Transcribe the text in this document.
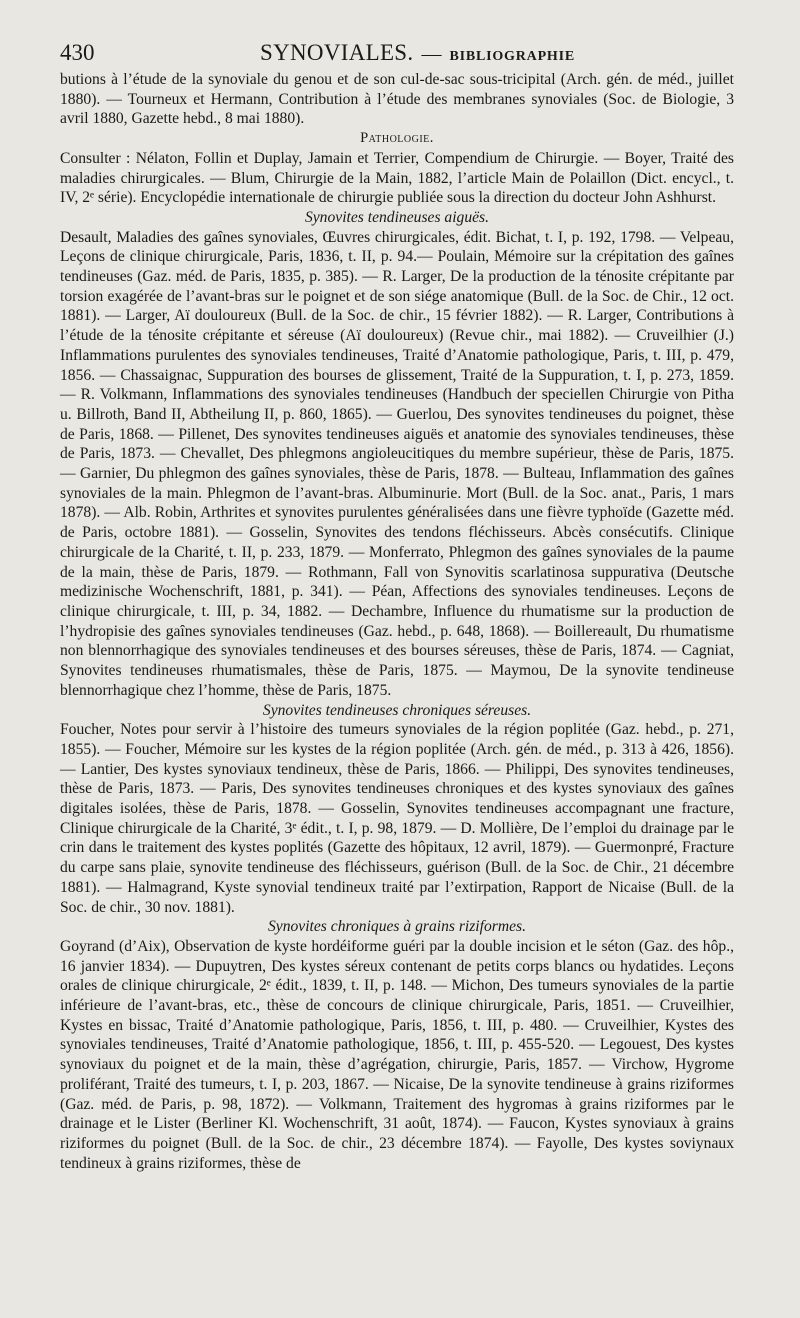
430	SYNOVIALES. — BIBLIOGRAPHIE

butions à l’étude de la synoviale du genou et de son cul-de-sac sous-tricipital (Arch. gén. de méd., juillet 1880). — Tourneux et Hermann, Contribution à l’étude des membranes synoviales (Soc. de Biologie, 3 avril 1880, Gazette hebd., 8 mai 1880).

Pathologie.

Consulter : Nélaton, Follin et Duplay, Jamain et Terrier, Compendium de Chirurgie. — Boyer, Traité des maladies chirurgicales. — Blum, Chirurgie de la Main, 1882, l’article Main de Polaillon (Dict. encycl., t. IV, 2ᵉ série). Encyclopédie internationale de chirurgie publiée sous la direction du docteur John Ashhurst.

Synovites tendineuses aiguës.

Desault, Maladies des gaînes synoviales, Œuvres chirurgicales, édit. Bichat, t. I, p. 192, 1798. — Velpeau, Leçons de clinique chirurgicale, Paris, 1836, t. II, p. 94.— Poulain, Mémoire sur la crépitation des gaînes tendineuses (Gaz. méd. de Paris, 1835, p. 385). — R. Larger, De la production de la ténosite crépitante par torsion exagérée de l’avant-bras sur le poignet et de son siége anatomique (Bull. de la Soc. de Chir., 12 oct. 1881). — Larger, Aï douloureux (Bull. de la Soc. de chir., 15 février 1882). — R. Larger, Contributions à l’étude de la ténosite crépitante et séreuse (Aï douloureux) (Revue chir., mai 1882). — Cruveilhier (J.) Inflammations purulentes des synoviales tendineuses, Traité d’Anatomie pathologique, Paris, t. III, p. 479, 1856. — Chassaignac, Suppuration des bourses de glissement, Traité de la Suppuration, t. I, p. 273, 1859. — R. Volkmann, Inflammations des synoviales tendineuses (Handbuch der speciellen Chirurgie von Pitha u. Billroth, Band II, Abtheilung II, p. 860, 1865). — Guerlou, Des synovites tendineuses du poignet, thèse de Paris, 1868. — Pillenet, Des synovites tendineuses aiguës et anatomie des synoviales tendineuses, thèse de Paris, 1873. — Chevallet, Des phlegmons angioleucitiques du membre supérieur, thèse de Paris, 1875. — Garnier, Du phlegmon des gaînes synoviales, thèse de Paris, 1878. — Bulteau, Inflammation des gaînes synoviales de la main. Phlegmon de l’avant-bras. Albuminurie. Mort (Bull. de la Soc. anat., Paris, 1 mars 1878). — Alb. Robin, Arthrites et synovites purulentes généralisées dans une fièvre typhoïde (Gazette méd. de Paris, octobre 1881). — Gosselin, Synovites des tendons fléchisseurs. Abcès consécutifs. Clinique chirurgicale de la Charité, t. II, p. 233, 1879. — Monferrato, Phlegmon des gaînes synoviales de la paume de la main, thèse de Paris, 1879. — Rothmann, Fall von Synovitis scarlatinosa suppurativa (Deutsche medizinische Wochenschrift, 1881, p. 341). — Péan, Affections des synoviales tendineuses. Leçons de clinique chirurgicale, t. III, p. 34, 1882. — Dechambre, Influence du rhumatisme sur la production de l’hydropisie des gaînes synoviales tendineuses (Gaz. hebd., p. 648, 1868). — Boillereault, Du rhumatisme non blennorrhagique des synoviales tendineuses et des bourses séreuses, thèse de Paris, 1874. — Cagniat, Synovites tendineuses rhumatismales, thèse de Paris, 1875. — Maymou, De la synovite tendineuse blennorrhagique chez l’homme, thèse de Paris, 1875.

Synovites tendineuses chroniques séreuses.

Foucher, Notes pour servir à l’histoire des tumeurs synoviales de la région poplitée (Gaz. hebd., p. 271, 1855). — Foucher, Mémoire sur les kystes de la région poplitée (Arch. gén. de méd., p. 313 à 426, 1856). — Lantier, Des kystes synoviaux tendineux, thèse de Paris, 1866. — Philippi, Des synovites tendineuses, thèse de Paris, 1873. — Paris, Des synovites tendineuses chroniques et des kystes synoviaux des gaînes digitales isolées, thèse de Paris, 1878. — Gosselin, Synovites tendineuses accompagnant une fracture, Clinique chirurgicale de la Charité, 3ᵉ édit., t. I, p. 98, 1879. — D. Mollière, De l’emploi du drainage par le crin dans le traitement des kystes poplités (Gazette des hôpitaux, 12 avril, 1879). — Guermonpré, Fracture du carpe sans plaie, synovite tendineuse des fléchisseurs, guérison (Bull. de la Soc. de Chir., 21 décembre 1881). — Halmagrand, Kyste synovial tendineux traité par l’extirpation, Rapport de Nicaise (Bull. de la Soc. de chir., 30 nov. 1881).

Synovites chroniques à grains riziformes.

Goyrand (d’Aix), Observation de kyste hordéiforme guéri par la double incision et le séton (Gaz. des hôp., 16 janvier 1834). — Dupuytren, Des kystes séreux contenant de petits corps blancs ou hydatides. Leçons orales de clinique chirurgicale, 2ᵉ édit., 1839, t. II, p. 148. — Michon, Des tumeurs synoviales de la partie inférieure de l’avant-bras, etc., thèse de concours de clinique chirurgicale, Paris, 1851. — Cruveilhier, Kystes en bissac, Traité d’Anatomie pathologique, Paris, 1856, t. III, p. 480. — Cruveilhier, Kystes des synoviales tendineuses, Traité d’Anatomie pathologique, 1856, t. III, p. 455-520. — Legouest, Des kystes synoviaux du poignet et de la main, thèse d’agrégation, chirurgie, Paris, 1857. — Virchow, Hygrome proliférant, Traité des tumeurs, t. I, p. 203, 1867. — Nicaise, De la synovite tendineuse à grains riziformes (Gaz. méd. de Paris, p. 98, 1872). — Volkmann, Traitement des hygromas à grains riziformes par le drainage et le Lister (Berliner Kl. Wochenschrift, 31 août, 1874). — Faucon, Kystes synoviaux à grains riziformes du poignet (Bull. de la Soc. de chir., 23 décembre 1874). — Fayolle, Des kystes soviynaux tendineux à grains riziformes, thèse de
